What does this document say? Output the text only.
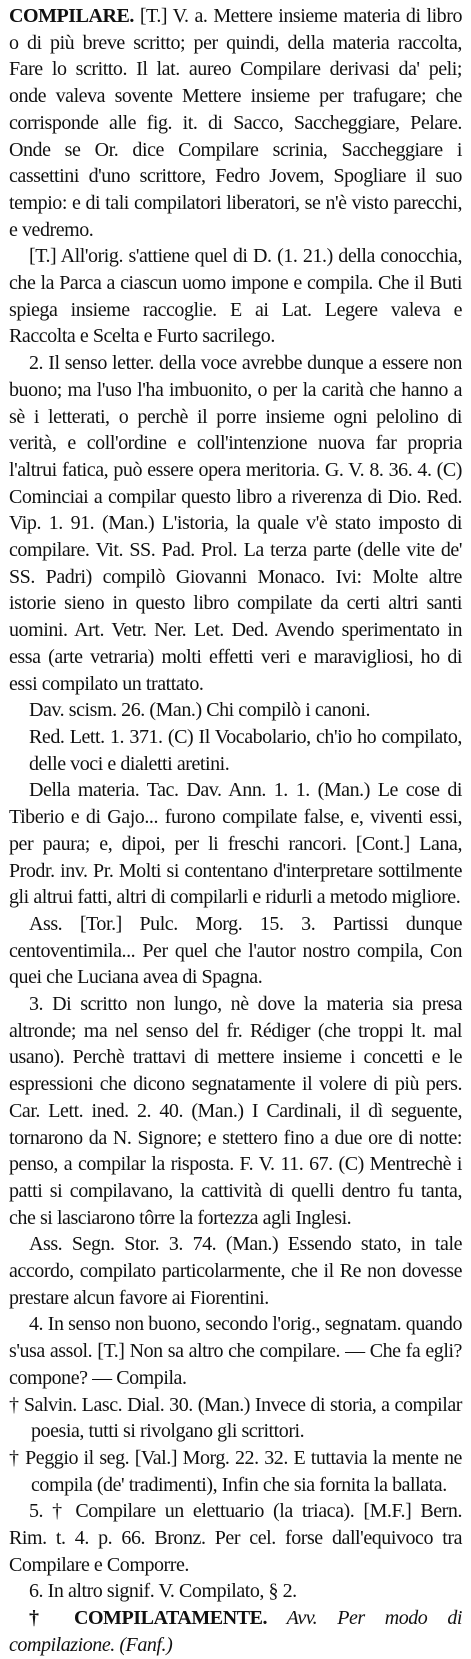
COMPILARE. [T.] V. a. Mettere insieme materia di libro o di più breve scritto; per quindi, della materia raccolta, Fare lo scritto. Il lat. aureo Compilare derivasi da' peli; onde valeva sovente Mettere insieme per trafugare; che corrisponde alle fig. it. di Sacco, Saccheggiare, Pelare. Onde se Or. dice Compilare scrinia, Saccheggiare i cassettini d'uno scrittore, Fedro Jovem, Spogliare il suo tempio: e di tali compilatori liberatori, se n'è visto parecchi, e vedremo.

[T.] All'orig. s'attiene quel di D. (1. 21.) della conocchia, che la Parca a ciascun uomo impone e compila. Che il Buti spiega insieme raccoglie. E ai Lat. Legere valeva e Raccolta e Scelta e Furto sacrilego.

2. Il senso letter. della voce avrebbe dunque a essere non buono; ma l'uso l'ha imbuonito, o per la carità che hanno a sè i letterati, o perchè il porre insieme ogni pelolino di verità, e coll'ordine e coll'intenzione nuova far propria l'altrui fatica, può essere opera meritoria. G. V. 8. 36. 4. (C) Cominciai a compilar questo libro a riverenza di Dio. Red. Vip. 1. 91. (Man.) L'istoria, la quale v'è stato imposto di compilare. Vit. SS. Pad. Prol. La terza parte (delle vite de' SS. Padri) compilò Giovanni Monaco. Ivi: Molte altre istorie sieno in questo libro compilate da certi altri santi uomini. Art. Vetr. Ner. Let. Ded. Avendo sperimentato in essa (arte vetraria) molti effetti veri e maravigliosi, ho di essi compilato un trattato.

Dav. scism. 26. (Man.) Chi compilò i canoni.

Red. Lett. 1. 371. (C) Il Vocabolario, ch'io ho compilato, delle voci e dialetti aretini.

Della materia. Tac. Dav. Ann. 1. 1. (Man.) Le cose di Tiberio e di Gajo... furono compilate false, e, viventi essi, per paura; e, dipoi, per li freschi rancori. [Cont.] Lana, Prodr. inv. Pr. Molti si contentano d'interpretare sottilmente gli altrui fatti, altri di compilarli e ridurli a metodo migliore.

Ass. [Tor.] Pulc. Morg. 15. 3. Partissi dunque centoventimila... Per quel che l'autor nostro compila, Con quei che Luciana avea di Spagna.

3. Di scritto non lungo, nè dove la materia sia presa altronde; ma nel senso del fr. Rédiger (che troppi lt. mal usano). Perchè trattavi di mettere insieme i concetti e le espressioni che dicono segnatamente il volere di più pers. Car. Lett. ined. 2. 40. (Man.) I Cardinali, il dì seguente, tornarono da N. Signore; e stettero fino a due ore di notte: penso, a compilar la risposta. F. V. 11. 67. (C) Mentrechè i patti si compilavano, la cattività di quelli dentro fu tanta, che si lasciarono tôrre la fortezza agli Inglesi.

Ass. Segn. Stor. 3. 74. (Man.) Essendo stato, in tale accordo, compilato particolarmente, che il Re non dovesse prestare alcun favore ai Fiorentini.

4. In senso non buono, secondo l'orig., segnatam. quando s'usa assol. [T.] Non sa altro che compilare. — Che fa egli? compone? — Compila.

† Salvin. Lasc. Dial. 30. (Man.) Invece di storia, a compilar poesia, tutti si rivolgano gli scrittori.

† Peggio il seg. [Val.] Morg. 22. 32. E tuttavia la mente ne compila (de' tradimenti), Infin che sia fornita la ballata.

5. † Compilare un elettuario (la triaca). [M.F.] Bern. Rim. t. 4. p. 66. Bronz. Per cel. forse dall'equivoco tra Compilare e Comporre.

6. In altro signif. V. Compilato, § 2.

† COMPILATAMENTE. Avv. Per modo di compilazione. (Fanf.)
